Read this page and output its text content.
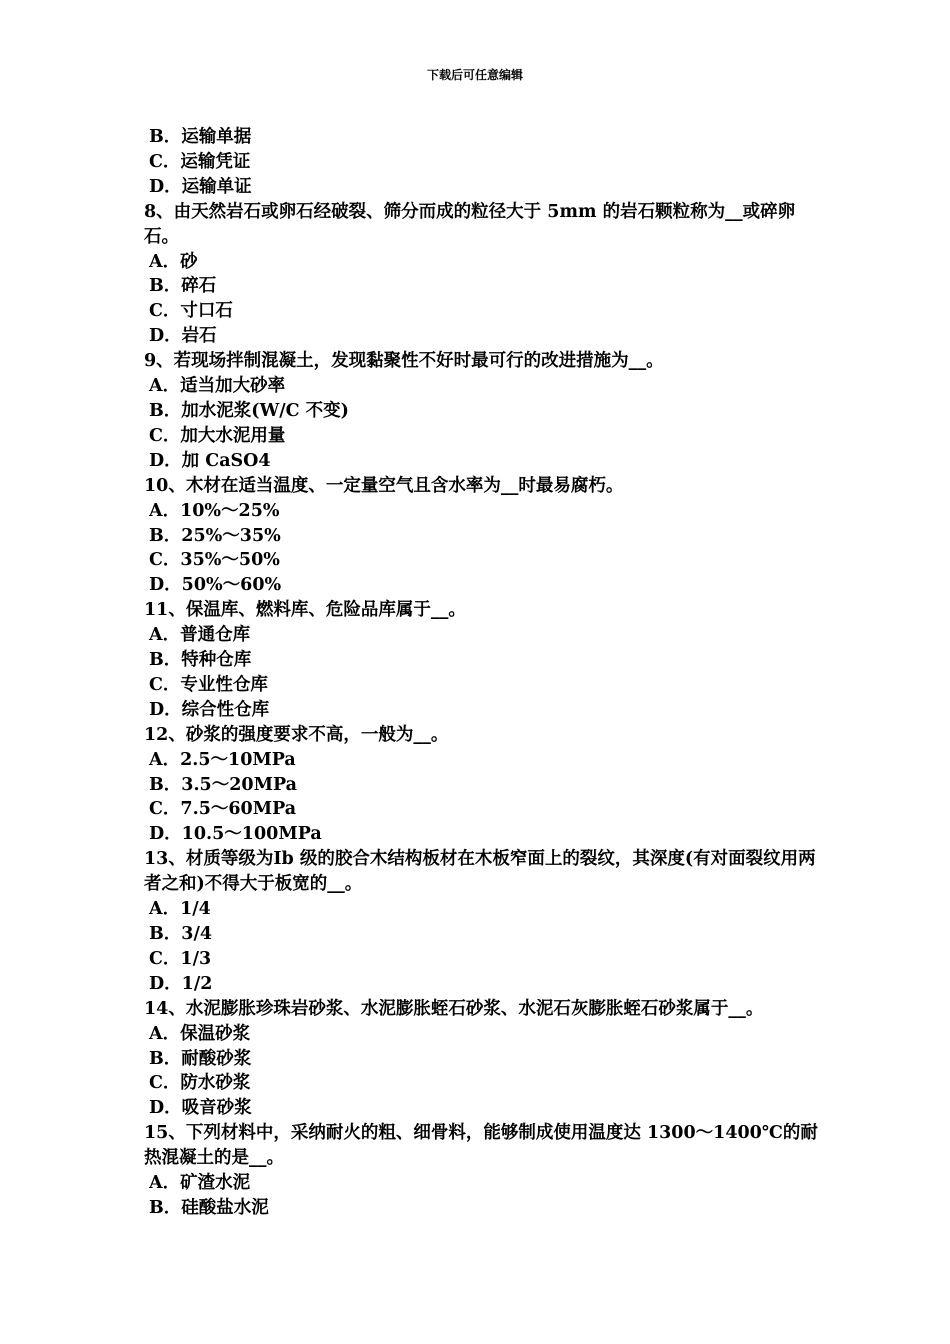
下载后可任意编辑
B．运输单据
C．运输凭证
D．运输单证
8、由天然岩石或卵石经破裂、筛分而成的粒径大于 5mm 的岩石颗粒称为__或碎卵石。
A．砂
B．碎石
C．寸口石
D．岩石
9、若现场拌制混凝土，发现黏聚性不好时最可行的改进措施为__。
A．适当加大砂率
B．加水泥浆(W/C 不变)
C．加大水泥用量
D．加 CaSO4
10、木材在适当温度、一定量空气且含水率为__时最易腐朽。
A．10%～25%
B．25%～35%
C．35%～50%
D．50%～60%
11、保温库、燃料库、危险品库属于__。
A．普通仓库
B．特种仓库
C．专业性仓库
D．综合性仓库
12、砂浆的强度要求不高，一般为__。
A．2.5～10MPa
B．3.5～20MPa
C．7.5～60MPa
D．10.5～100MPa
13、材质等级为Ⅰb 级的胶合木结构板材在木板窄面上的裂纹，其深度(有对面裂纹用两者之和)不得大于板宽的__。
A．1/4
B．3/4
C．1/3
D．1/2
14、水泥膨胀珍珠岩砂浆、水泥膨胀蛭石砂浆、水泥石灰膨胀蛭石砂浆属于__。
A．保温砂浆
B．耐酸砂浆
C．防水砂浆
D．吸音砂浆
15、下列材料中，采纳耐火的粗、细骨料，能够制成使用温度达 1300～1400℃的耐热混凝土的是__。
A．矿渣水泥
B．硅酸盐水泥
